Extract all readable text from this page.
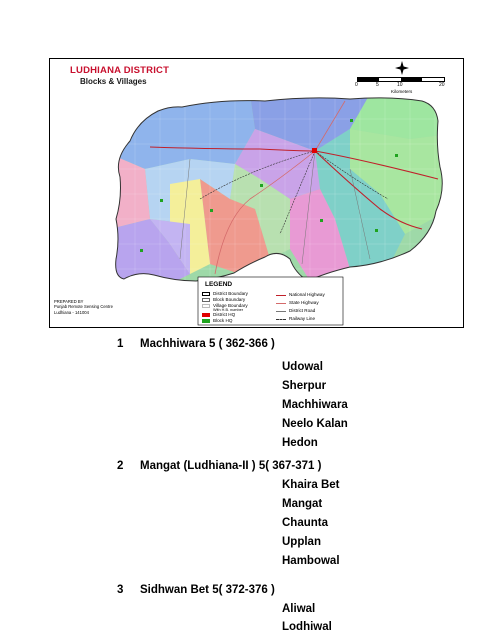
LUDHIANA DISTRICT
Blocks & Villages	0	5	10	20
Kilometers
LEGEND
District Boundary
Block Boundary
Village Boundary
With H.B. number
District HQ
Block HQ
National Highway
State Highway
District Road
Railway Line
PREPARED BY
Punjab Remote Sensing Centre
Ludhiana - 141004
1 Machhiwara 5 ( 362-366 )
Udowal
Sherpur
Machhiwara
Neelo Kalan
Hedon
2 Mangat (Ludhiana-II ) 5( 367-371 )
Khaira Bet
Mangat
Chaunta
Upplan
Hambowal
3 Sidhwan Bet 5( 372-376 )
Aliwal
Lodhiwal
